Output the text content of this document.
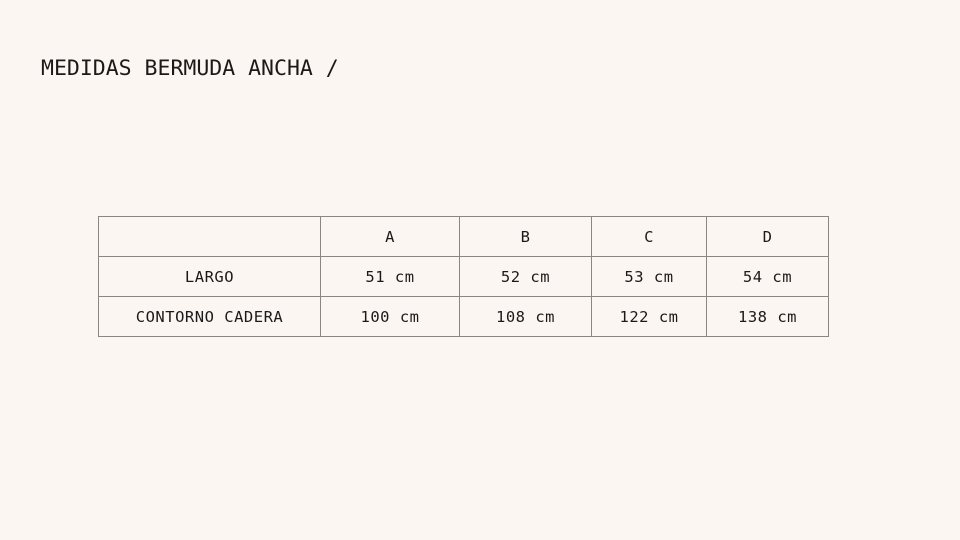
MEDIDAS BERMUDA ANCHA /
	A	B	C	D
LARGO	51 cm	52 cm	53 cm	54 cm
CONTORNO CADERA	100 cm	108 cm	122 cm	138 cm
